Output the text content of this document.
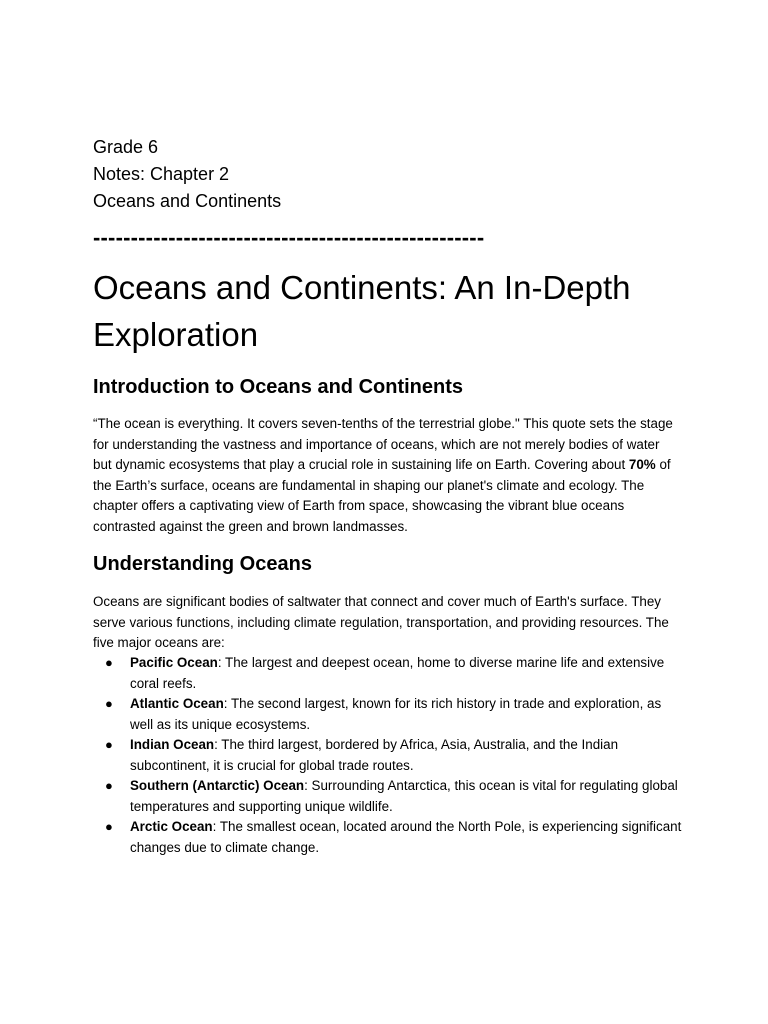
Grade 6

Notes: Chapter 2

Oceans and Continents

----------------------------------------------------
Oceans and Continents: An In-Depth Exploration
Introduction to Oceans and Continents

“The ocean is everything. It covers seven-tenths of the terrestrial globe." This quote sets the stage for understanding the vastness and importance of oceans, which are not merely bodies of water but dynamic ecosystems that play a crucial role in sustaining life on Earth. Covering about 70% of the Earth’s surface, oceans are fundamental in shaping our planet's climate and ecology. The chapter offers a captivating view of Earth from space, showcasing the vibrant blue oceans contrasted against the green and brown landmasses.

Understanding Oceans

Oceans are significant bodies of saltwater that connect and cover much of Earth's surface. They serve various functions, including climate regulation, transportation, and providing resources. The five major oceans are:

● Pacific Ocean: The largest and deepest ocean, home to diverse marine life and extensive coral reefs.
● Atlantic Ocean: The second largest, known for its rich history in trade and exploration, as well as its unique ecosystems.
● Indian Ocean: The third largest, bordered by Africa, Asia, Australia, and the Indian subcontinent, it is crucial for global trade routes.
● Southern (Antarctic) Ocean: Surrounding Antarctica, this ocean is vital for regulating global temperatures and supporting unique wildlife.
● Arctic Ocean: The smallest ocean, located around the North Pole, is experiencing significant changes due to climate change.
